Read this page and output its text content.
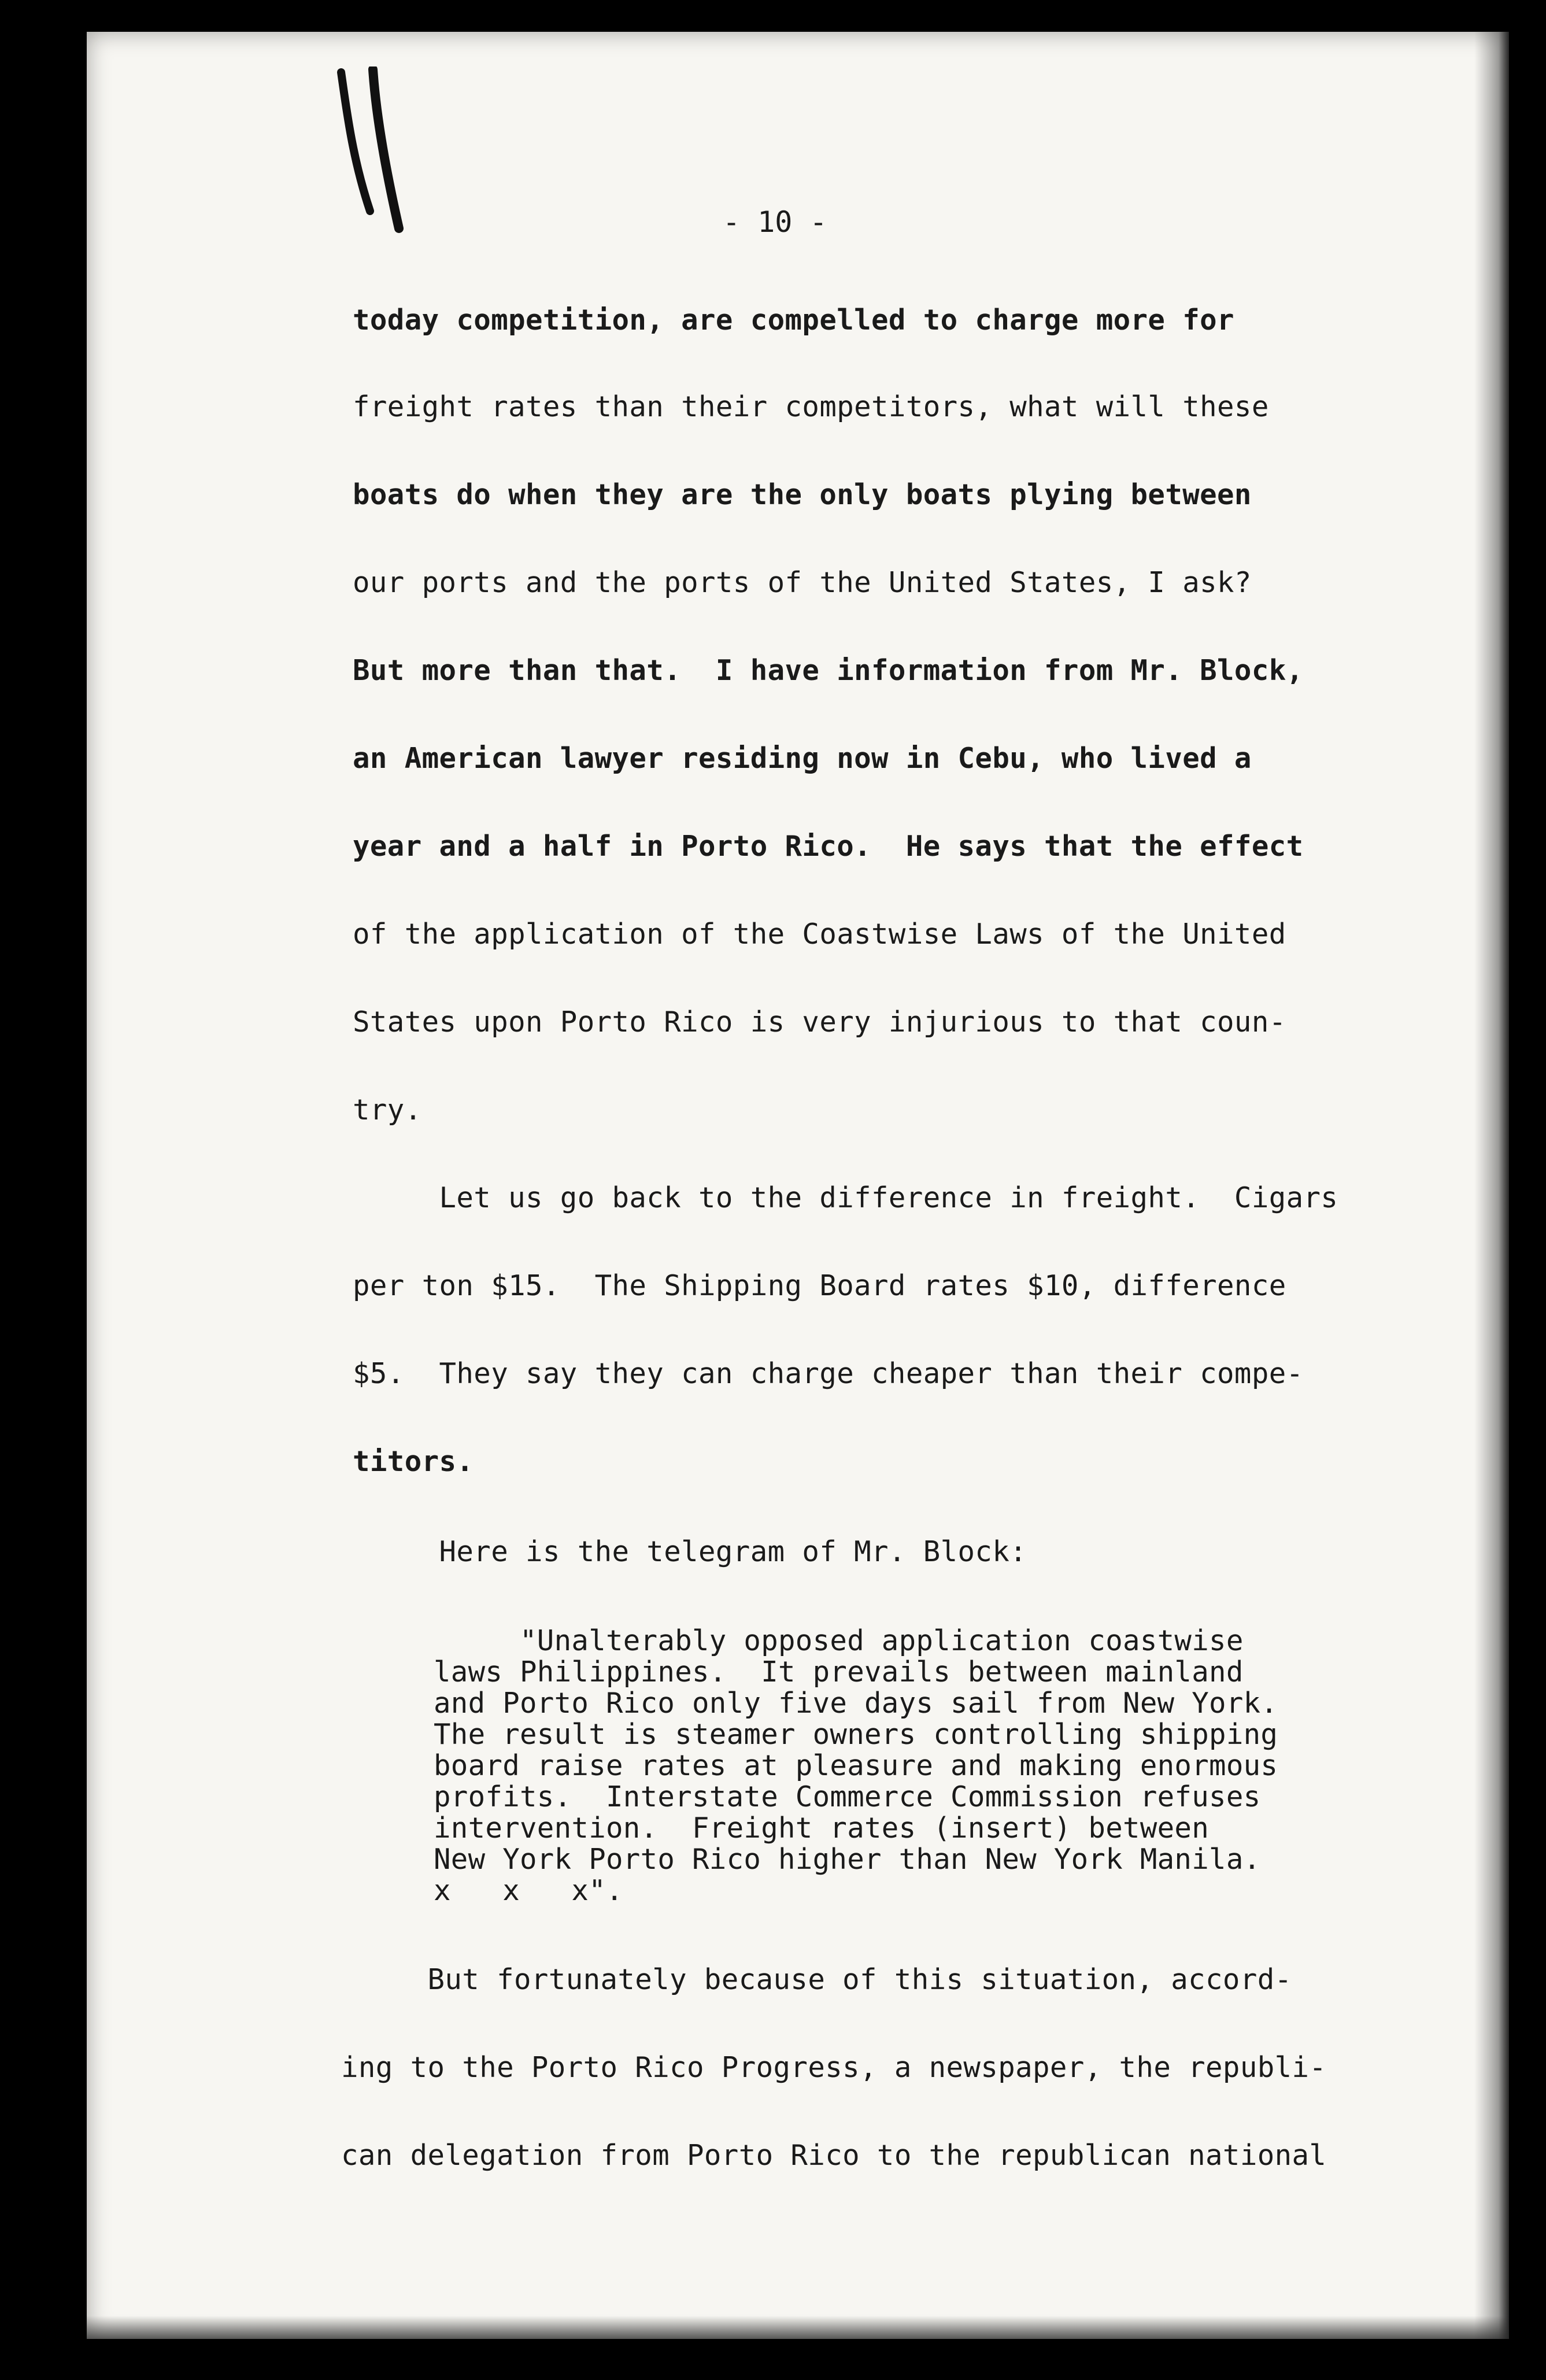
- 10 -
today competition, are compelled to charge more for
freight rates than their competitors, what will these
boats do when they are the only boats plying between
our ports and the ports of the United States, I ask?
But more than that.  I have information from Mr. Block,
an American lawyer residing now in Cebu, who lived a
year and a half in Porto Rico.  He says that the effect
of the application of the Coastwise Laws of the United
States upon Porto Rico is very injurious to that coun-
try.
Let us go back to the difference in freight.  Cigars
per ton $15.  The Shipping Board rates $10, difference
$5.  They say they can charge cheaper than their compe-
titors.
Here is the telegram of Mr. Block:
"Unalterably opposed application coastwise
laws Philippines.  It prevails between mainland
and Porto Rico only five days sail from New York.
The result is steamer owners controlling shipping
board raise rates at pleasure and making enormous
profits.  Interstate Commerce Commission refuses
intervention.  Freight rates (insert) between
New York Porto Rico higher than New York Manila.
x   x   x".
But fortunately because of this situation, accord-
ing to the Porto Rico Progress, a newspaper, the republi-
can delegation from Porto Rico to the republican national
